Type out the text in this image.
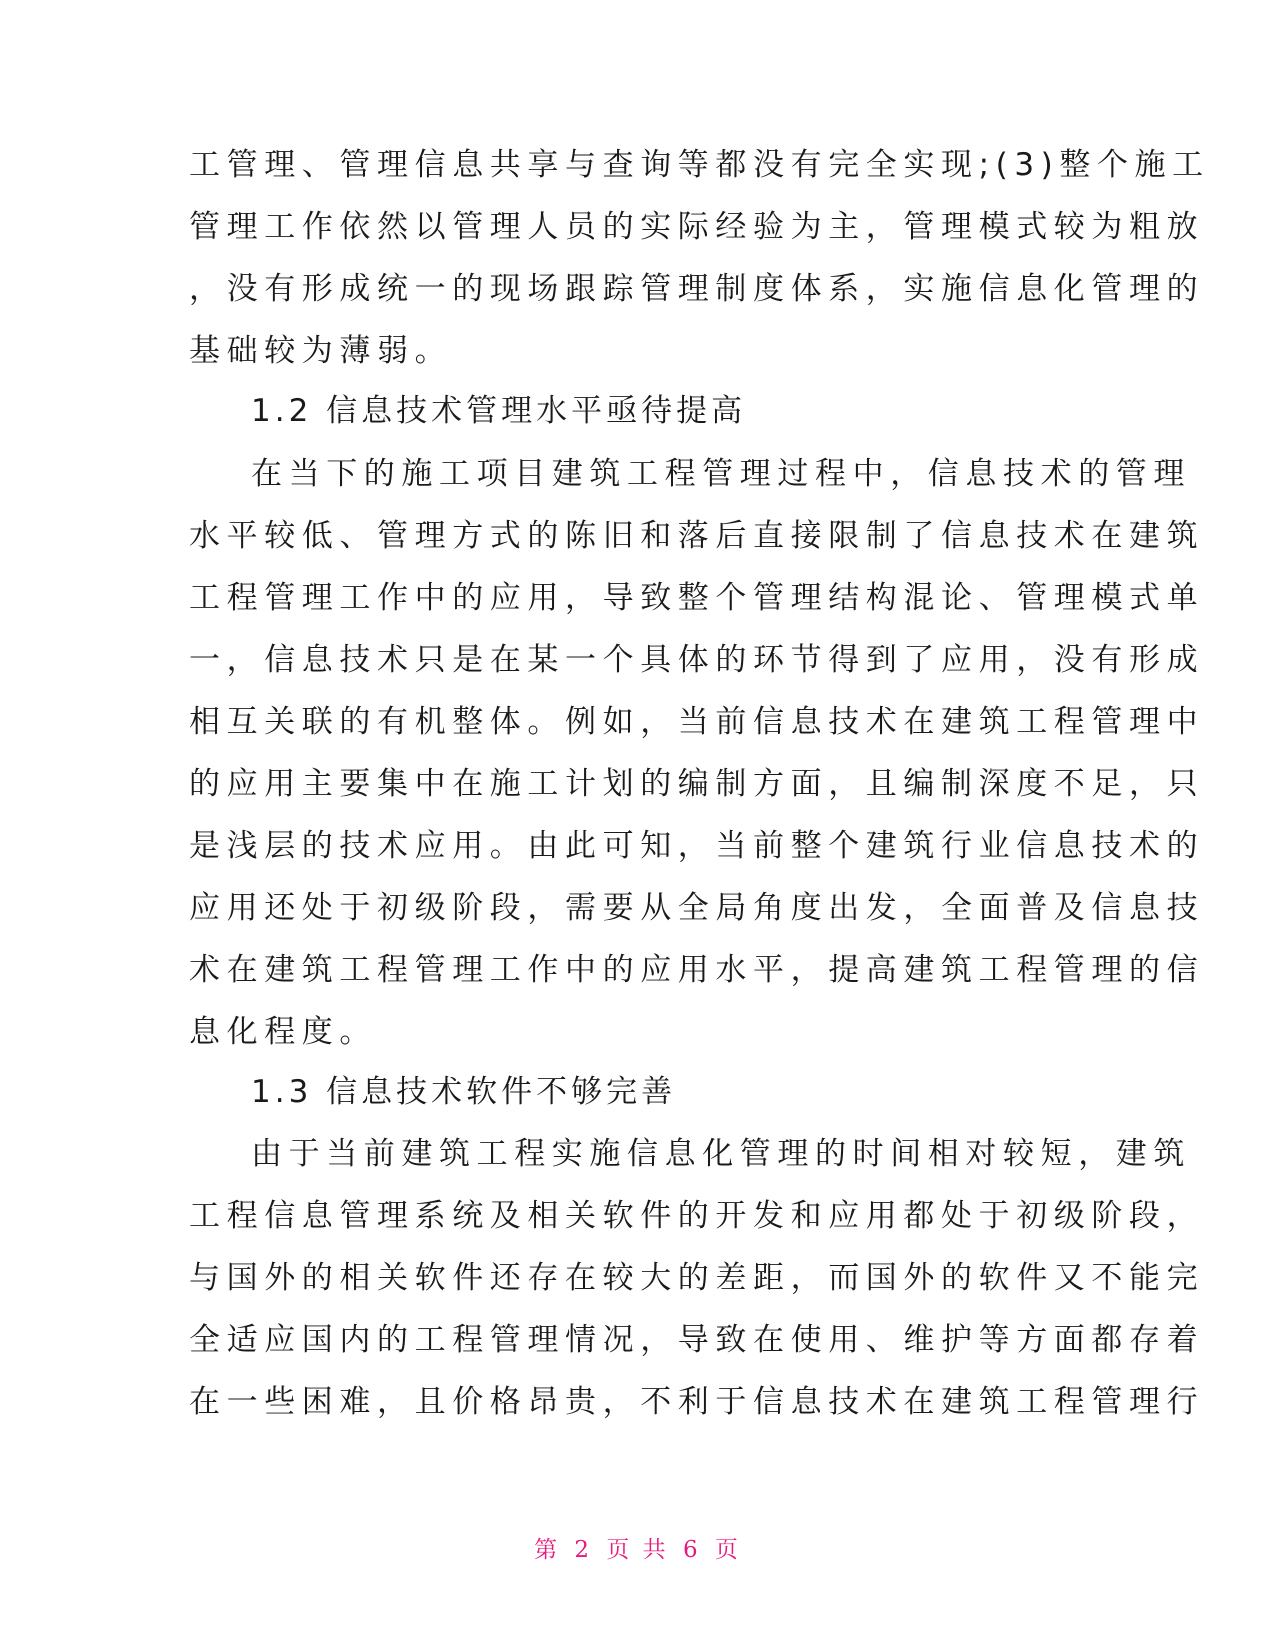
工管理、管理信息共享与查询等都没有完全实现;(3)整个施工
管理工作依然以管理人员的实际经验为主，管理模式较为粗放
，没有形成统一的现场跟踪管理制度体系，实施信息化管理的
基础较为薄弱。
1.2 信息技术管理水平亟待提高
在当下的施工项目建筑工程管理过程中，信息技术的管理
水平较低、管理方式的陈旧和落后直接限制了信息技术在建筑
工程管理工作中的应用，导致整个管理结构混论、管理模式单
一，信息技术只是在某一个具体的环节得到了应用，没有形成
相互关联的有机整体。例如，当前信息技术在建筑工程管理中
的应用主要集中在施工计划的编制方面，且编制深度不足，只
是浅层的技术应用。由此可知，当前整个建筑行业信息技术的
应用还处于初级阶段，需要从全局角度出发，全面普及信息技
术在建筑工程管理工作中的应用水平，提高建筑工程管理的信
息化程度。
1.3 信息技术软件不够完善
由于当前建筑工程实施信息化管理的时间相对较短，建筑
工程信息管理系统及相关软件的开发和应用都处于初级阶段，
与国外的相关软件还存在较大的差距，而国外的软件又不能完
全适应国内的工程管理情况，导致在使用、维护等方面都存着
在一些困难，且价格昂贵，不利于信息技术在建筑工程管理行
第 2 页 共 6 页
